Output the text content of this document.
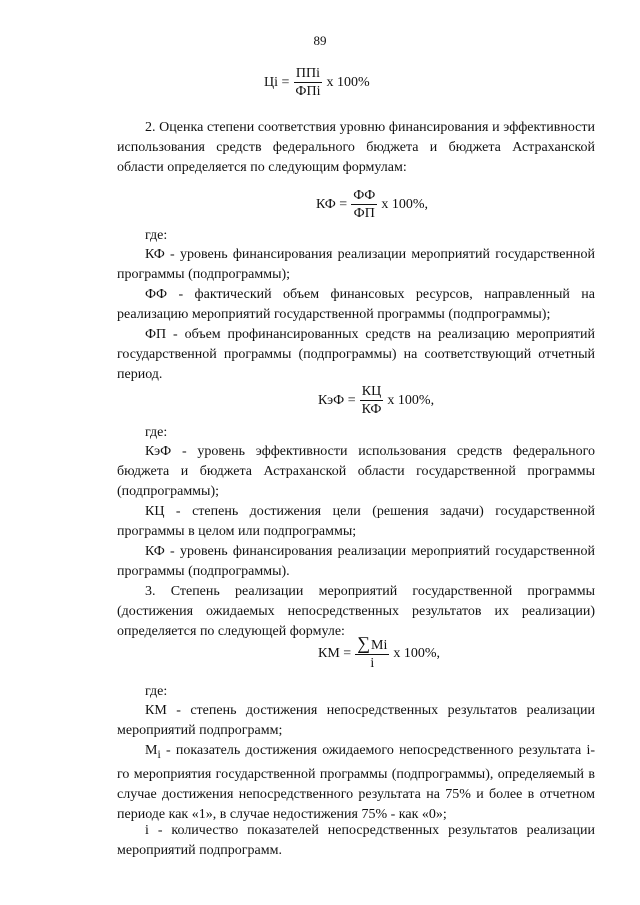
89
Цi = $\frac{\text{ППi}}{\text{ФПi}}$ x 100%

2. Оценка степени соответствия уровню финансирования и эффективности использования средств федерального бюджета и бюджета Астраханской области определяется по следующим формулам:

КФ = $\frac{ФФ}{ФП}$ x 100%,
где:

КФ - уровень финансирования реализации мероприятий государственной программы (подпрограммы);

ФФ - фактический объем финансовых ресурсов, направленный на реализацию мероприятий государственной программы (подпрограммы);

ФП - объем профинансированных средств на реализацию мероприятий государственной программы (подпрограммы) на соответствующий отчетный период.

КэФ = $\frac{КЦ}{КФ}$ x 100%,
где:

КэФ - уровень эффективности использования средств федерального бюджета и бюджета Астраханской области государственной программы (подпрограммы);

КЦ - степень достижения цели (решения задачи) государственной программы в целом или подпрограммы;

КФ - уровень финансирования реализации мероприятий государственной программы (подпрограммы).

3. Степень реализации мероприятий государственной программы (достижения ожидаемых непосредственных результатов их реализации) определяется по следующей формуле:

КМ = $\frac{\sum Mi}{i}$ x 100%,
где:

КМ - степень достижения непосредственных результатов реализации мероприятий подпрограмм;

$M_i$ - показатель достижения ожидаемого непосредственного результата i-го мероприятия государственной программы (подпрограммы), определяемый в случае достижения непосредственного результата на 75% и более в отчетном периоде как «1», в случае недостижения 75% - как «0»;

i - количество показателей непосредственных результатов реализации мероприятий подпрограмм.
